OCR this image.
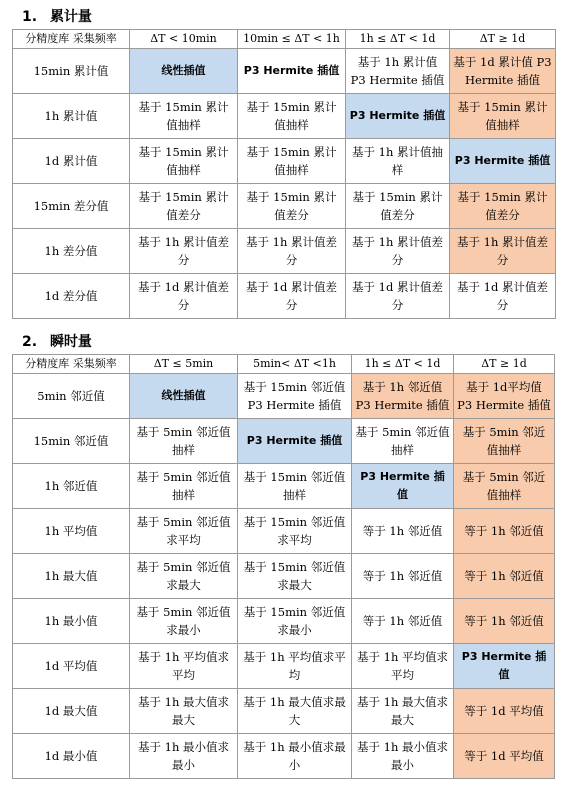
1. 累计量
分精度库 采集频率	ΔT < 10min	10min ≤ ΔT < 1h	1h ≤ ΔT < 1d	ΔT ≥ 1d
15min 累计值	线性插值	P3 Hermite 插值	基于 1h 累计值 P3 Hermite 插值	基于 1d 累计值 P3 Hermite 插值
1h 累计值	基于 15min 累计值抽样	基于 15min 累计值抽样	P3 Hermite 插值	基于 15min 累计值抽样
1d 累计值	基于 15min 累计值抽样	基于 15min 累计值抽样	基于 1h 累计值抽样	P3 Hermite 插值
15min 差分值	基于 15min 累计值差分	基于 15min 累计值差分	基于 15min 累计值差分	基于 15min 累计值差分
1h 差分值	基于 1h 累计值差分	基于 1h 累计值差分	基于 1h 累计值差分	基于 1h 累计值差分
1d 差分值	基于 1d 累计值差分	基于 1d 累计值差分	基于 1d 累计值差分	基于 1d 累计值差分
2. 瞬时量
分精度库 采集频率	ΔT ≤ 5min	5min< ΔT <1h	1h ≤ ΔT < 1d	ΔT ≥ 1d
5min 邻近值	线性插值	基于 15min 邻近值 P3 Hermite 插值	基于 1h 邻近值 P3 Hermite 插值	基于 1d平均值 P3 Hermite 插值
15min 邻近值	基于 5min 邻近值抽样	P3 Hermite 插值	基于 5min 邻近值抽样	基于 5min 邻近值抽样
1h 邻近值	基于 5min 邻近值抽样	基于 15min 邻近值抽样	P3 Hermite 插值	基于 5min 邻近值抽样
1h 平均值	基于 5min 邻近值求平均	基于 15min 邻近值求平均	等于 1h 邻近值	等于 1h 邻近值
1h 最大值	基于 5min 邻近值求最大	基于 15min 邻近值求最大	等于 1h 邻近值	等于 1h 邻近值
1h 最小值	基于 5min 邻近值求最小	基于 15min 邻近值求最小	等于 1h 邻近值	等于 1h 邻近值
1d 平均值	基于 1h 平均值求平均	基于 1h 平均值求平均	基于 1h 平均值求平均	P3 Hermite 插值
1d 最大值	基于 1h 最大值求最大	基于 1h 最大值求最大	基于 1h 最大值求最大	等于 1d 平均值
1d 最小值	基于 1h 最小值求最小	基于 1h 最小值求最小	基于 1h 最小值求最小	等于 1d 平均值
